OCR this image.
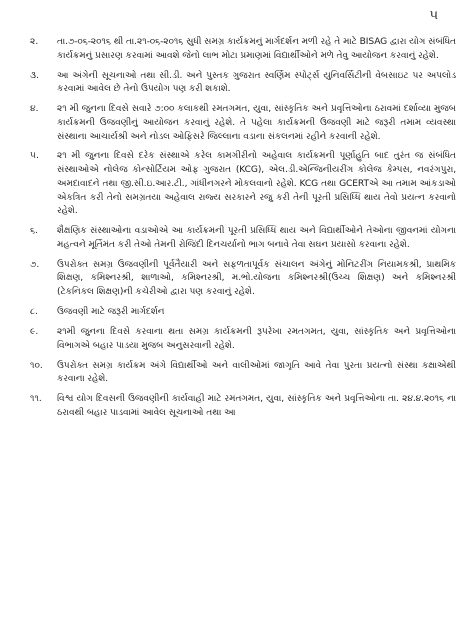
૫
૨.	તા.૭-૦૬-૨૦૧૬ થી તા.૨૧-૦૬-૨૦૧૬ સુધી સમગ્ર કાર્યક્રમનું માર્ગદર્શન મળી રહે તે માટે BISAG દ્વારા યોગ સંબંધિત કાર્યક્રમનું પ્રસારણ કરવામાં આવશે જેનો લાભ મોટા પ્રમાણમાં વિદ્યાર્થીઓને મળે તેવુ આયોજન કરવાનું રહેશે.
૩.	આ અંગેની સૂચનાઓ તથા સી.ડી. અને પુસ્તક ગુજરાત સ્વર્ણિમ સ્પોર્ટ્સ યુનિવર્સિટીની વેબસાઇટ પર અપલોડ કરવામાં આવેલ છે તેનો ઉપયોગ પણ કરી શકાશે.
૪.	૨૧ મી જુનના દિવસે સવારે ૭:૦૦ કલાકથી રમતગમત, યુવા, સાંસ્કૃતિક અને પ્રવૃત્તિઓના ઠરાવમાં દર્શાવ્યા મુજબ કાર્યક્રમની ઉજવણીનું આયોજન કરવાનું રહેશે. તે પહેલા કાર્યક્રમની ઉજવણી માટે જરૂરી તમામ વ્યવસ્થા સંસ્થાના આચાર્યશ્રી અને નોડલ ઓફિસરે જિલ્લાના વડાના સંકલનમાં રહીને કરવાની રહેશે.
૫.	૨૧ મી જુનના દિવસે દરેક સંસ્થાએ કરેલ કામગીરીનો અહેવાલ કાર્યક્રમની પૂર્ણાહુતિ બાદ તુરંત જ સંબંધિત સંસ્થાઓએ નોલેજ કોન્સોર્ટિયમ ઓફ ગુજરાત (KCG), એલ.ડી.એન્જિનીયરીંગ કોલેજ કેમ્પસ, નવરંગપુરા, અમદાવાદને તથા જી.સી.ઇ.આર.ટી., ગાંધીનગરને મોકલવાનો રહેશે. KCG તથા GCERTએ આ તમામ આંકડાઓ એકત્રિત કરી તેનો સમગ્રતયા અહેવાલ રાજ્ય સરકારને રજુ કરી તેની પૂરતી પ્રસિધ્ધિ થાય તેવો પ્રયત્ન કરવાનો રહેશે.
૬.	શૈક્ષણિક સંસ્થાઓના વડાઓએ આ કાર્યક્રમની પૂરતી પ્રસિધ્ધિ થાય અને વિદ્યાર્થીઓને તેઓના જીવનમાં યોગના મહત્વને મૂર્તિમંત કરી તેઓ તેમની રોજિંદી દિનચર્યાનો ભાગ બનાવે તેવા સઘન પ્રયાસો કરવાના રહેશે.
૭.	ઉપરોક્ત સમગ્ર ઉજવણીની પૂર્વતૈયારી અને સફળતાપૂર્વક સંચાલન અંગેનું મોનિટરીંગ નિયામકશ્રી, પ્રાથમિક શિક્ષણ, કમિશ્નરશ્રી, શાળાઓ, કમિશ્નરશ્રી, મ.ભો.યોજના કમિશ્નરશ્રી(ઉચ્ચ શિક્ષણ) અને કમિશ્નરશ્રી (ટેકનિકલ શિક્ષણ)ની કચેરીઓ દ્વારા પણ કરવાનું રહેશે.
૮.	ઉજવણી માટે જરૂરી માર્ગદર્શન
૯.	૨૧મી જુનના દિવસે કરવાના થતા સમગ્ર કાર્યક્રમની રૂપરેખા રમતગમત, યુવા, સાંસ્કૃતિક અને પ્રવૃત્તિઓના વિભાગએ બહાર પાડયા મુજબ અનુસરવાની રહેશે.
૧૦.	ઉપરોક્ત સમગ્ર કાર્યક્રમ અંગે વિદ્યાર્થીઓ અને વાલીઓમાં જાગૃતિ આવે તેવા પુરતા પ્રયત્નો સંસ્થા કક્ષાએથી કરવાના રહેશે.
૧૧.	વિશ્વ યોગ દિવસની ઉજવણીની કાર્યવાહી માટે રમતગમત, યુવા, સાંસ્કૃતિક અને પ્રવૃત્તિઓના તા. ૨૪.૪.૨૦૧૬ ના ઠરાવથી બહાર પાડવામાં આવેલ સૂચનાઓ તથા આ
